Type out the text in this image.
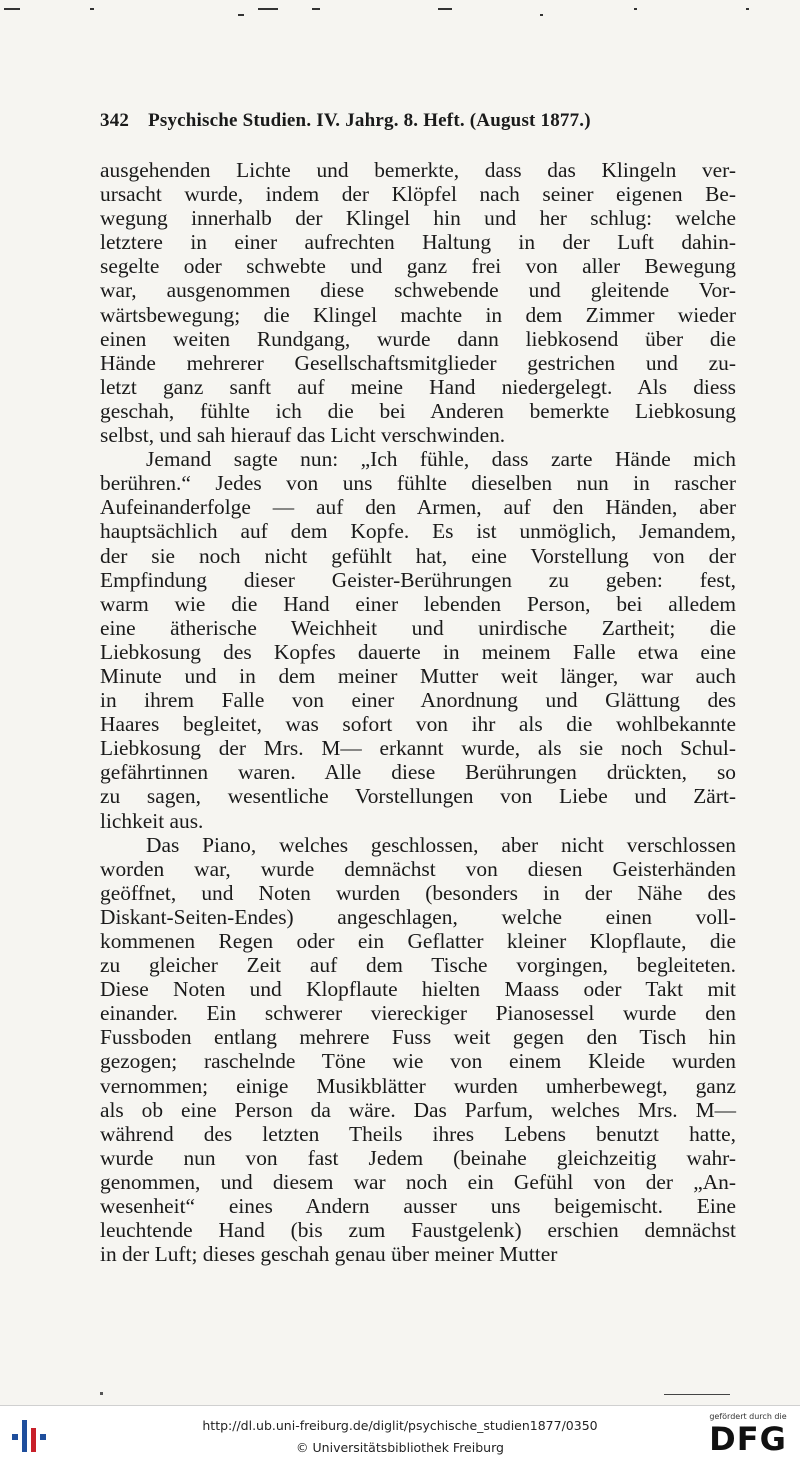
342 Psychische Studien. IV. Jahrg. 8. Heft. (August 1877.)
ausgehenden Lichte und bemerkte, dass das Klingeln ver-
ursacht wurde, indem der Klöpfel nach seiner eigenen Be-
wegung innerhalb der Klingel hin und her schlug: welche
letztere in einer aufrechten Haltung in der Luft dahin-
segelte oder schwebte und ganz frei von aller Bewegung
war, ausgenommen diese schwebende und gleitende Vor-
wärtsbewegung; die Klingel machte in dem Zimmer wieder
einen weiten Rundgang, wurde dann liebkosend über die
Hände mehrerer Gesellschaftsmitglieder gestrichen und zu-
letzt ganz sanft auf meine Hand niedergelegt. Als diess
geschah, fühlte ich die bei Anderen bemerkte Liebkosung
selbst, und sah hierauf das Licht verschwinden.
Jemand sagte nun: „Ich fühle, dass zarte Hände mich
berühren.“ Jedes von uns fühlte dieselben nun in rascher
Aufeinanderfolge — auf den Armen, auf den Händen, aber
hauptsächlich auf dem Kopfe. Es ist unmöglich, Jemandem,
der sie noch nicht gefühlt hat, eine Vorstellung von der
Empfindung dieser Geister-Berührungen zu geben: fest,
warm wie die Hand einer lebenden Person, bei alledem
eine ätherische Weichheit und unirdische Zartheit; die
Liebkosung des Kopfes dauerte in meinem Falle etwa eine
Minute und in dem meiner Mutter weit länger, war auch
in ihrem Falle von einer Anordnung und Glättung des
Haares begleitet, was sofort von ihr als die wohlbekannte
Liebkosung der Mrs. M— erkannt wurde, als sie noch Schul-
gefährtinnen waren. Alle diese Berührungen drückten, so
zu sagen, wesentliche Vorstellungen von Liebe und Zärt-
lichkeit aus.
Das Piano, welches geschlossen, aber nicht verschlossen
worden war, wurde demnächst von diesen Geisterhänden
geöffnet, und Noten wurden (besonders in der Nähe des
Diskant-Seiten-Endes) angeschlagen, welche einen voll-
kommenen Regen oder ein Geflatter kleiner Klopflaute, die
zu gleicher Zeit auf dem Tische vorgingen, begleiteten.
Diese Noten und Klopflaute hielten Maass oder Takt mit
einander. Ein schwerer viereckiger Pianosessel wurde den
Fussboden entlang mehrere Fuss weit gegen den Tisch hin
gezogen; raschelnde Töne wie von einem Kleide wurden
vernommen; einige Musikblätter wurden umherbewegt, ganz
als ob eine Person da wäre. Das Parfum, welches Mrs. M—
während des letzten Theils ihres Lebens benutzt hatte,
wurde nun von fast Jedem (beinahe gleichzeitig wahr-
genommen, und diesem war noch ein Gefühl von der „An-
wesenheit“ eines Andern ausser uns beigemischt. Eine
leuchtende Hand (bis zum Faustgelenk) erschien demnächst
in der Luft; dieses geschah genau über meiner Mutter
http://dl.ub.uni-freiburg.de/diglit/psychische_studien1877/0350
© Universitätsbibliothek Freiburg
gefördert durch die
DFG
